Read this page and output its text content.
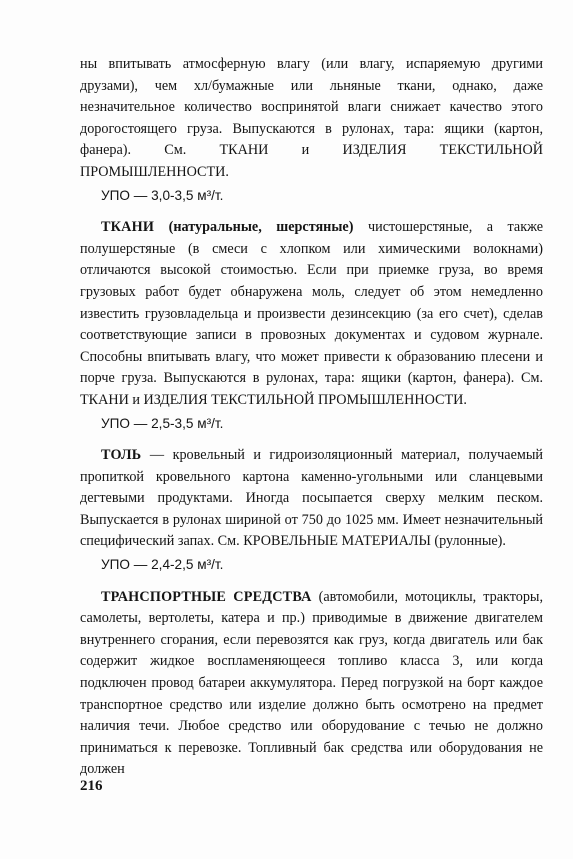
ны впитывать атмосферную влагу (или влагу, испаряемую другими друзами), чем хл/бумажные или льняные ткани, однако, даже незначительное количество воспринятой влаги снижает качество этого дорогостоящего груза. Выпускаются в рулонах, тара: ящики (картон, фанера). См. ТКАНИ и ИЗДЕЛИЯ ТЕКСТИЛЬНОЙ ПРОМЫШЛЕННОСТИ.

УПО — 3,0-3,5 м³/т.

ТКАНИ (натуральные, шерстяные) чистошерстяные, а также полушерстяные (в смеси с хлопком или химическими волокнами) отличаются высокой стоимостью. Если при приемке груза, во время грузовых работ будет обнаружена моль, следует об этом немедленно известить грузовладельца и произвести дезинсекцию (за его счет), сделав соответствующие записи в провозных документах и судовом журнале. Способны впитывать влагу, что может привести к образованию плесени и порче груза. Выпускаются в рулонах, тара: ящики (картон, фанера). См. ТКАНИ и ИЗДЕЛИЯ ТЕКСТИЛЬНОЙ ПРОМЫШЛЕННОСТИ.

УПО — 2,5-3,5 м³/т.

ТОЛЬ — кровельный и гидроизоляционный материал, получаемый пропиткой кровельного картона каменно-угольными или сланцевыми дегтевыми продуктами. Иногда посыпается сверху мелким песком. Выпускается в рулонах шириной от 750 до 1025 мм. Имеет незначительный специфический запах. См. КРОВЕЛЬНЫЕ МАТЕРИАЛЫ (рулонные).

УПО — 2,4-2,5 м³/т.

ТРАНСПОРТНЫЕ СРЕДСТВА (автомобили, мотоциклы, тракторы, самолеты, вертолеты, катера и пр.) приводимые в движение двигателем внутреннего сгорания, если перевозятся как груз, когда двигатель или бак содержит жидкое воспламеняющееся топливо класса 3, или когда подключен провод батареи аккумулятора. Перед погрузкой на борт каждое транспортное средство или изделие должно быть осмотрено на предмет наличия течи. Любое средство или оборудование с течью не должно приниматься к перевозке. Топливный бак средства или оборудования не должен

216
